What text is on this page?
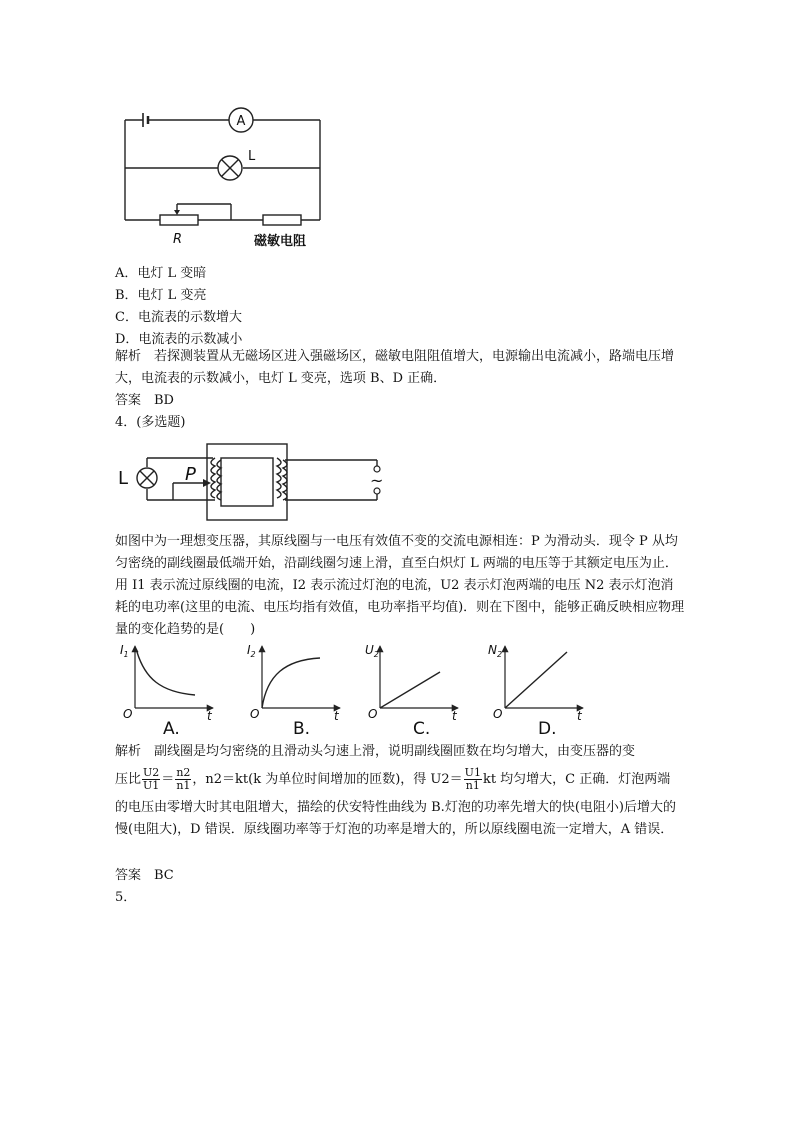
A
L
R	磁敏电阻
A．电灯 L 变暗
B．电灯 L 变亮
C．电流表的示数增大
D．电流表的示数减小
解析　若探测装置从无磁场区进入强磁场区，磁敏电阻阻值增大，电源输出电流减小，路端电压增大，电流表的示数减小，电灯 L 变亮，选项 B、D 正确．
答案　BD
4．(多选题)
L	P	~
如图中为一理想变压器，其原线圈与一电压有效值不变的交流电源相连：P 为滑动头．现令 P 从均匀密绕的副线圈最低端开始，沿副线圈匀速上滑，直至白炽灯 L 两端的电压等于其额定电压为止．用 I1 表示流过原线圈的电流，I2 表示流过灯泡的电流，U2 表示灯泡两端的电压 N2 表示灯泡消耗的电功率(这里的电流、电压均指有效值，电功率指平均值)．则在下图中，能够正确反映相应物理量的变化趋势的是(　　)
$I_1$
O	t
A.
$I_2$
O	t
B.
$U_2$
O	t
C.
$N_2$
O	t
D.
解析　副线圈是均匀密绕的且滑动头匀速上滑，说明副线圈匝数在均匀增大，由变压器的变
压比 $\frac{U2}{U1} = \frac{n2}{n1}$ ，n2＝kt(k 为单位时间增加的匝数)，得 $U2= \frac{U1}{n1}$ kt 均匀增大，C 正确．灯泡两端
的电压由零增大时其电阻增大，描绘的伏安特性曲线为 B.灯泡的功率先增大的快(电阻小)后增大的慢(电阻大)，D 错误．原线圈功率等于灯泡的功率是增大的，所以原线圈电流一定增大，A 错误．
答案　BC
5．
